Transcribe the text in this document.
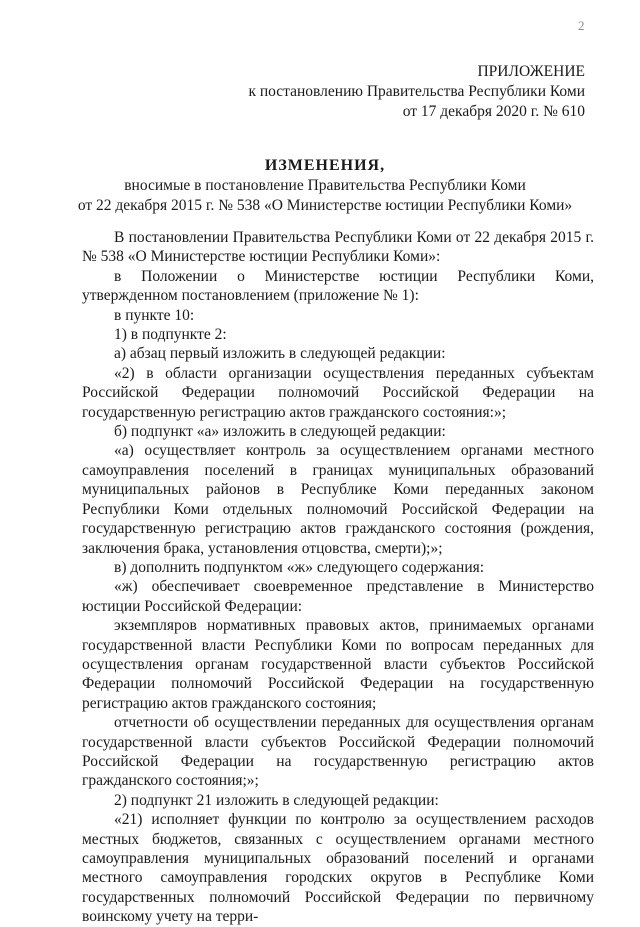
2
ПРИЛОЖЕНИЕ
к постановлению Правительства Республики Коми
от 17 декабря 2020 г. № 610
ИЗМЕНЕНИЯ,
вносимые в постановление Правительства Республики Коми
от 22 декабря 2015 г. № 538 «О Министерстве юстиции Республики Коми»

В постановлении Правительства Республики Коми от 22 декабря 2015 г. № 538 «О Министерстве юстиции Республики Коми»:

в Положении о Министерстве юстиции Республики Коми, утвержденном постановлением (приложение № 1):

в пункте 10:

1) в подпункте 2:

а) абзац первый изложить в следующей редакции:

«2) в области организации осуществления переданных субъектам Российской Федерации полномочий Российской Федерации на государственную регистрацию актов гражданского состояния:»;

б) подпункт «а» изложить в следующей редакции:

«а) осуществляет контроль за осуществлением органами местного самоуправления поселений в границах муниципальных образований муниципальных районов в Республике Коми переданных законом Республики Коми отдельных полномочий Российской Федерации на государственную регистрацию актов гражданского состояния (рождения, заключения брака, установления отцовства, смерти);»;

в) дополнить подпунктом «ж» следующего содержания:

«ж) обеспечивает своевременное представление в Министерство юстиции Российской Федерации:

экземпляров нормативных правовых актов, принимаемых органами государственной власти Республики Коми по вопросам переданных для осуществления органам государственной власти субъектов Российской Федерации полномочий Российской Федерации на государственную регистрацию актов гражданского состояния;

отчетности об осуществлении переданных для осуществления органам государственной власти субъектов Российской Федерации полномочий Российской Федерации на государственную регистрацию актов гражданского состояния;»;

2) подпункт 21 изложить в следующей редакции:

«21) исполняет функции по контролю за осуществлением расходов местных бюджетов, связанных с осуществлением органами местного самоуправления муниципальных образований поселений и органами местного самоуправления городских округов в Республике Коми государственных полномочий Российской Федерации по первичному воинскому учету на терри-
